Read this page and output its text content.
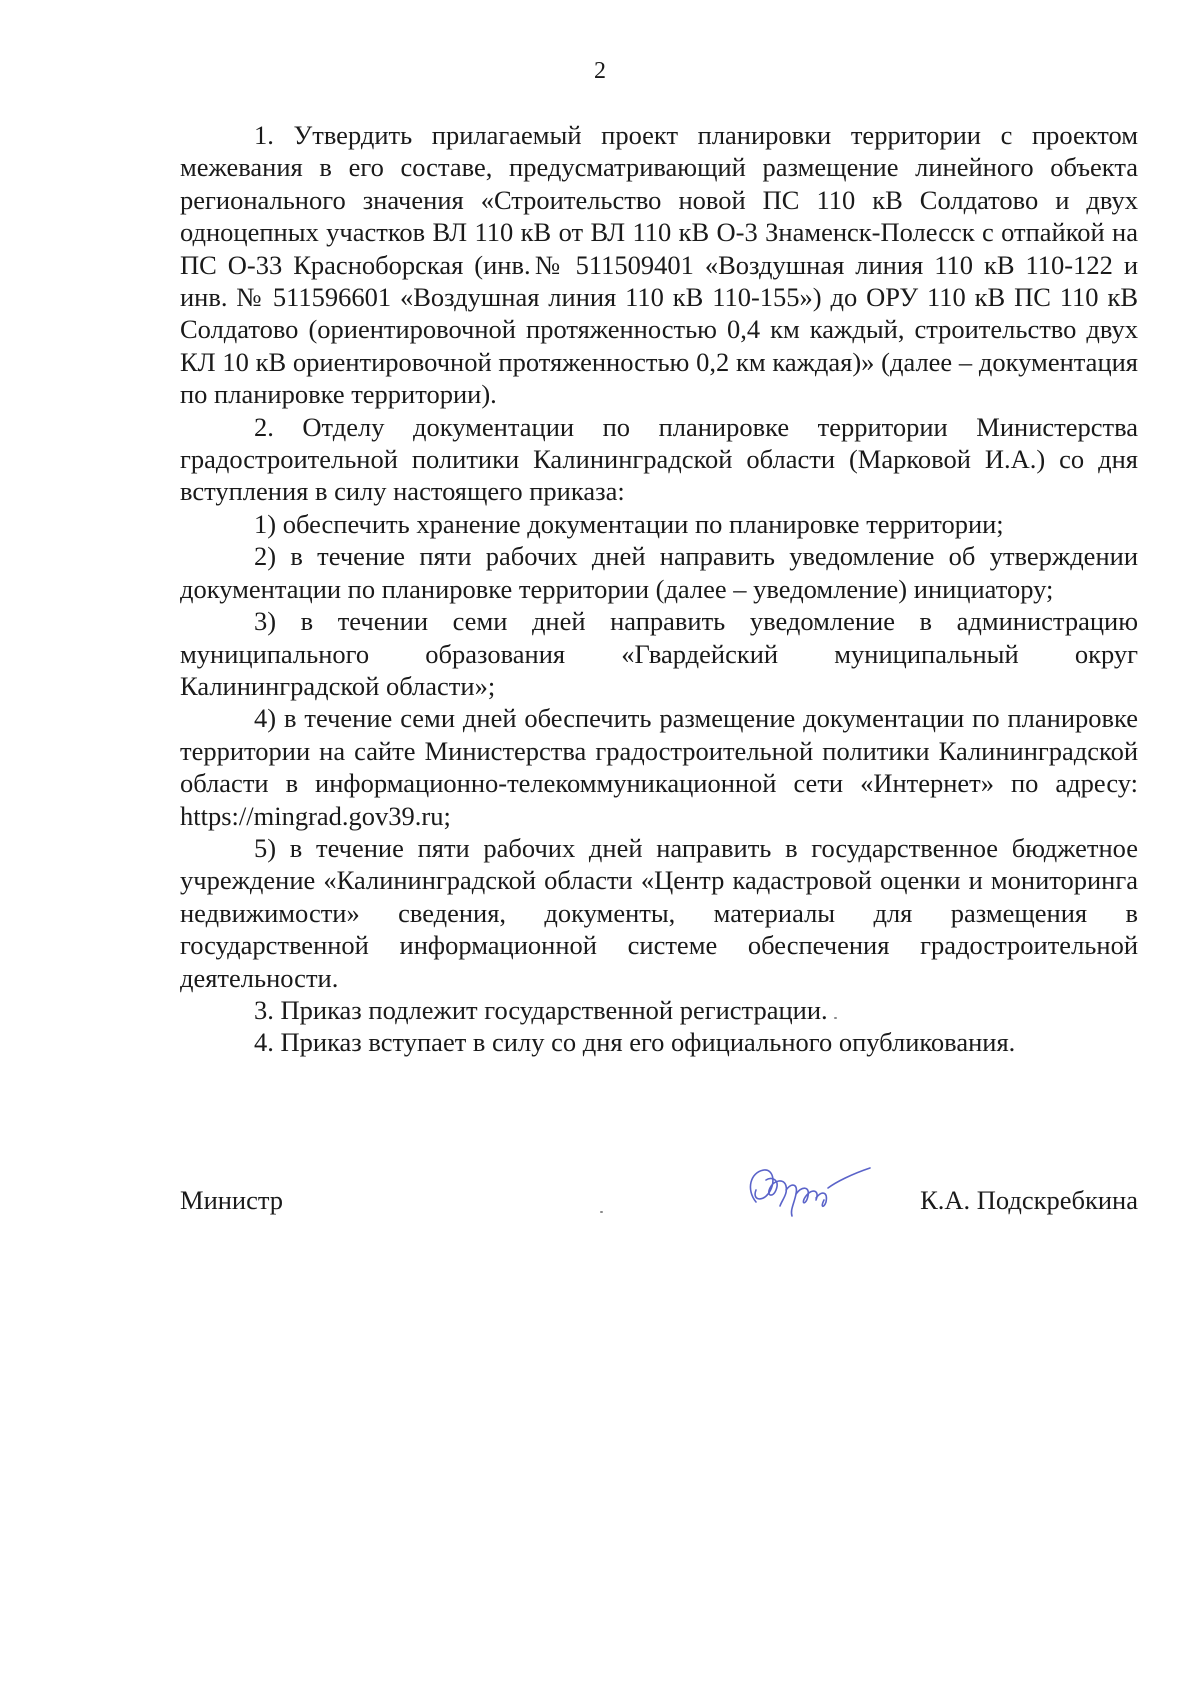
2

1. Утвердить прилагаемый проект планировки территории с проектом межевания в его составе, предусматривающий размещение линейного объекта регионального значения «Строительство новой ПС 110 кВ Солдатово и двух одноцепных участков ВЛ 110 кВ от ВЛ 110 кВ О-3 Знаменск-Полесск с отпайкой на ПС О-33 Красноборская (инв.№ 511509401 «Воздушная линия 110 кВ 110-122 и инв. № 511596601 «Воздушная линия 110 кВ 110-155») до ОРУ 110 кВ ПС 110 кВ Солдатово (ориентировочной протяженностью 0,4 км каждый, строительство двух КЛ 10 кВ ориентировочной протяженностью 0,2 км каждая)» (далее – документация по планировке территории).

2. Отделу документации по планировке территории Министерства градостроительной политики Калининградской области (Марковой И.А.) со дня вступления в силу настоящего приказа:

1) обеспечить хранение документации по планировке территории;

2) в течение пяти рабочих дней направить уведомление об утверждении документации по планировке территории (далее – уведомление) инициатору;

3) в течении семи дней направить уведомление в администрацию муниципального образования «Гвардейский муниципальный округ Калининградской области»;

4) в течение семи дней обеспечить размещение документации по планировке территории на сайте Министерства градостроительной политики Калининградской области в информационно-телекоммуникационной сети «Интернет» по адресу: https://mingrad.gov39.ru;

5) в течение пяти рабочих дней направить в государственное бюджетное учреждение «Калининградской области «Центр кадастровой оценки и мониторинга недвижимости» сведения, документы, материалы для размещения в государственной информационной системе обеспечения градостроительной деятельности.

3. Приказ подлежит государственной регистрации.

4. Приказ вступает в силу со дня его официального опубликования.

Министр	К.А. Подскребкина
